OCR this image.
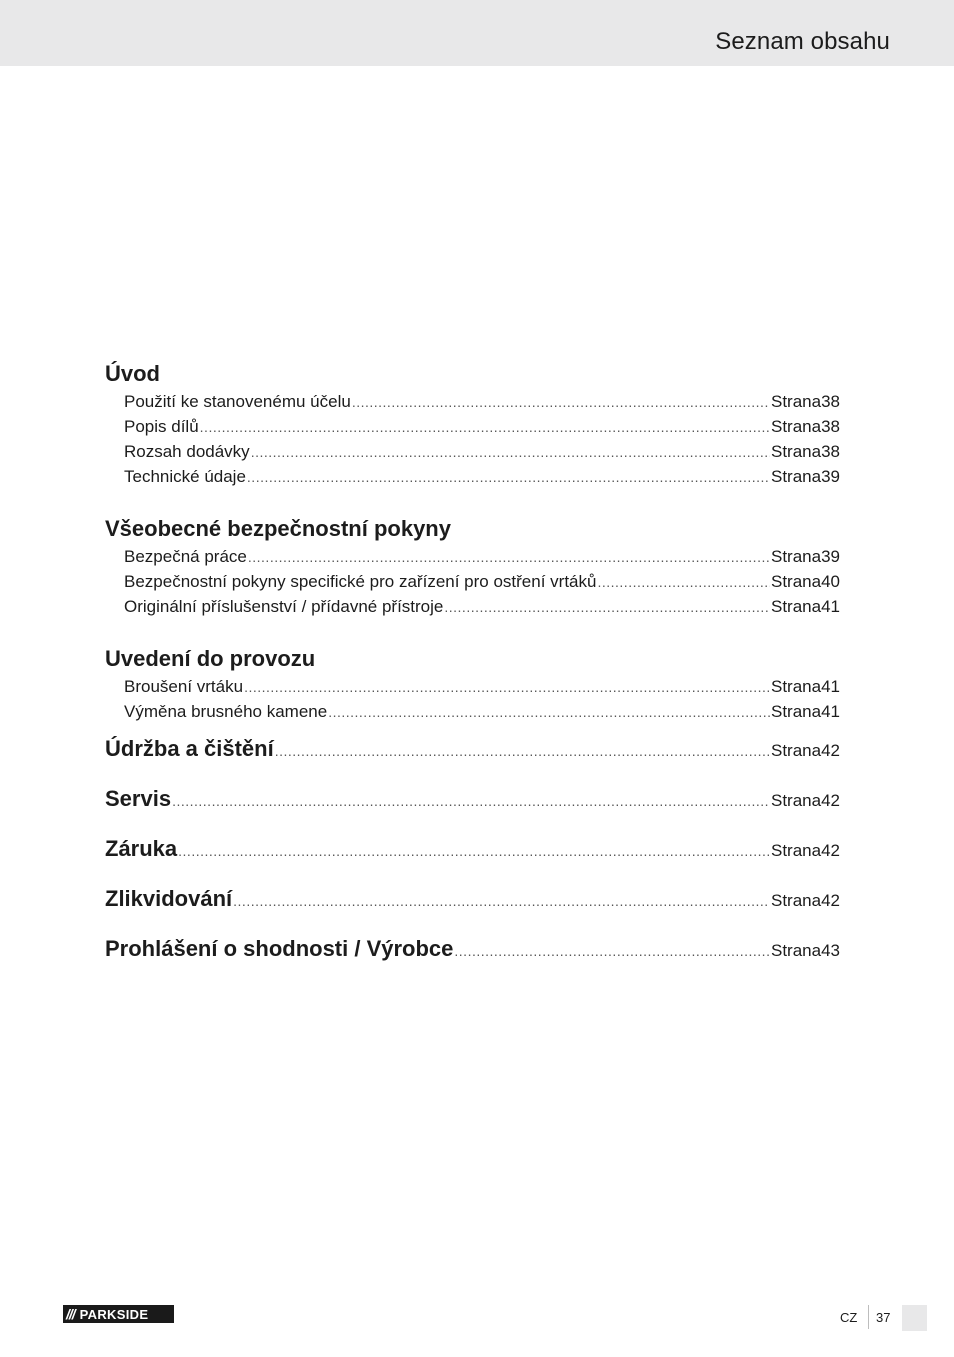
Seznam obsahu
Úvod
Použití ke stanovenému účelu .....	Strana 38
Popis dílů .....	Strana 38
Rozsah dodávky .....	Strana 38
Technické údaje .....	Strana 39
Všeobecné bezpečnostní pokyny
Bezpečná práce .....	Strana 39
Bezpečnostní pokyny specifické pro zařízení pro ostření vrtáků .....	Strana 40
Originální příslušenství / přídavné přístroje .....	Strana 41
Uvedení do provozu
Broušení vrtáku .....	Strana 41
Výměna brusného kamene .....	Strana 41
Údržba a čištění .....	Strana 42
Servis .....	Strana 42
Záruka .....	Strana 42
Zlikvidování .....	Strana 42
Prohlášení o shodnosti / Výrobce .....	Strana 43
/// PARKSIDE	CZ 37
